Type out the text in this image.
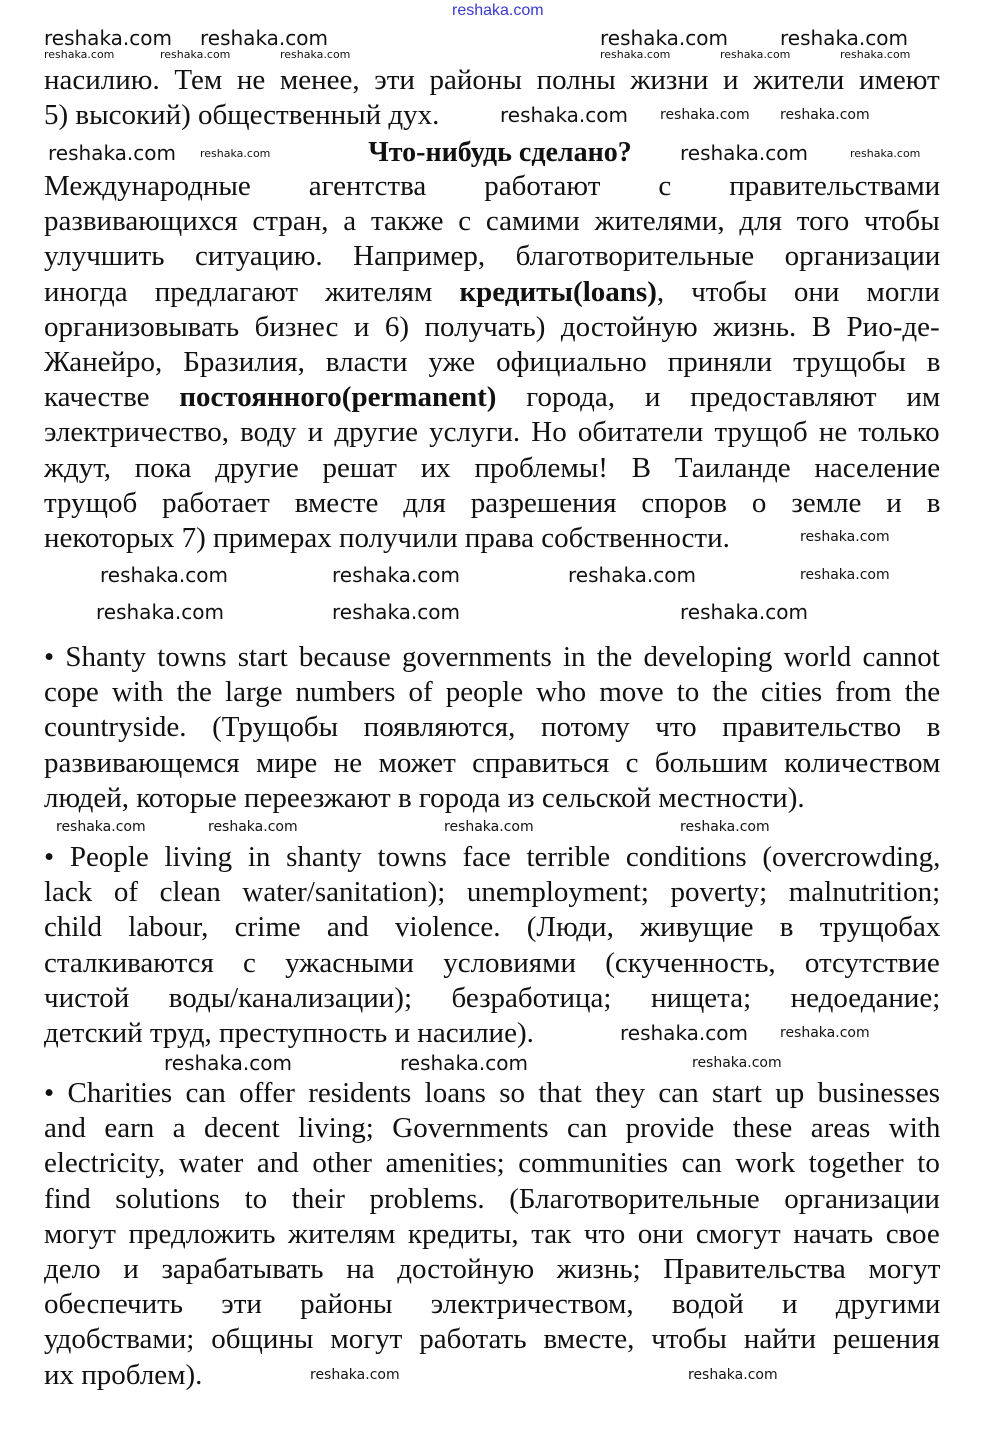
reshaka.com
Что-нибудь сделано?
насилию. Тем не менее, эти районы полны жизни и жители имеют
5) высокий) общественный дух.
Международные агентства работают с правительствами
развивающихся стран, а также с самими жителями, для того чтобы
улучшить ситуацию. Например, благотворительные организации
иногда предлагают жителям кредиты(loans), чтобы они могли
организовывать бизнес и 6) получать) достойную жизнь. В Рио-де-
Жанейро, Бразилия, власти уже официально приняли трущобы в
качестве постоянного(permanent) города, и предоставляют им
электричество, воду и другие услуги. Но обитатели трущоб не только
ждут, пока другие решат их проблемы! В Таиланде население
трущоб работает вместе для разрешения споров о земле и в
некоторых 7) примерах получили права собственности.
• Shanty towns start because governments in the developing world cannot
cope with the large numbers of people who move to the cities from the
countryside. (Трущобы появляются, потому что правительство в
развивающемся мире не может справиться с большим количеством
людей, которые переезжают в города из сельской местности).
• People living in shanty towns face terrible conditions (overcrowding,
lack of clean water/sanitation); unemployment; poverty; malnutrition;
child labour, crime and violence. (Люди, живущие в трущобах
сталкиваются с ужасными условиями (скученность, отсутствие
чистой воды/канализации); безработица; нищета; недоедание;
детский труд, преступность и насилие).
• Charities can offer residents loans so that they can start up businesses
and earn a decent living; Governments can provide these areas with
electricity, water and other amenities; communities can work together to
find solutions to their problems. (Благотворительные организации
могут предложить жителям кредиты, так что они смогут начать свое
дело и зарабатывать на достойную жизнь; Правительства могут
обеспечить эти районы электричеством, водой и другими
удобствами; общины могут работать вместе, чтобы найти решения
их проблем).
reshaka.com reshaka.com	reshaka.com	reshaka.com
reshaka.com
reshaka.com	reshaka.com
reshaka.com	reshaka.com	reshaka.com
reshaka.com	reshaka.com	reshaka.com
reshaka.com
reshaka.com	reshaka.com
reshaka.com	reshaka.com	reshaka.com	reshaka.com	reshaka.com	reshaka.com
reshaka.com reshaka.com
reshaka.com	reshaka.com
reshaka.com
reshaka.com
reshaka.com	reshaka.com	reshaka.com	reshaka.com
reshaka.com
reshaka.com
reshaka.com	reshaka.com
